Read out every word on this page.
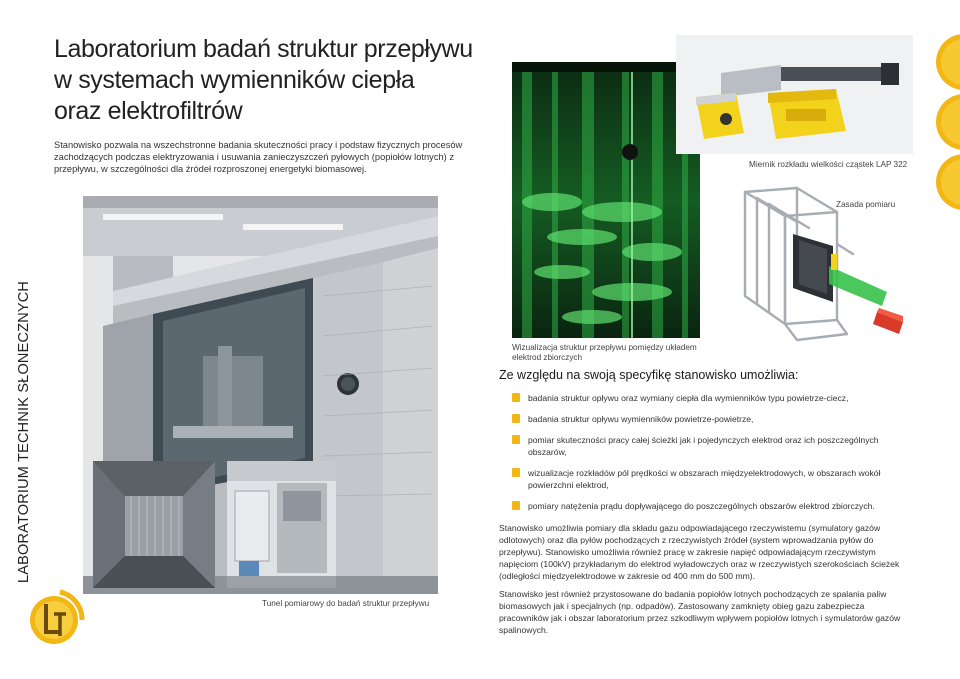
LABORATORIUM TECHNIK SŁONECZNYCH
Laboratorium badań struktur przepływu
w systemach wymienników ciepła
oraz elektrofiltrów

Stanowisko pozwala na wszechstronne badania skuteczności pracy i podstaw fizycznych procesów zachodzących podczas elektryzowania i usuwania zanieczyszczeń pyłowych (popiołów lotnych) z przepływu, w szczególności dla źródeł rozproszonej energetyki biomasowej.

Tunel pomiarowy do badań struktur przepływu

Wizualizacja struktur przepływu pomiędzy układem elektrod zbiorczych

Miernik rozkładu wielkości cząstek LAP 322

Zasada pomiaru

Ze względu na swoją specyfikę stanowisko umożliwia:
badania struktur opływu oraz wymiany ciepła dla wymienników typu powietrze-ciecz,
badania struktur opływu wymienników powietrze-powietrze,
pomiar skuteczności pracy całej ścieżki jak i pojedynczych elektrod oraz ich poszczególnych obszarów,
wizualizacje rozkładów pól prędkości w obszarach międzyelektrodowych, w obszarach wokół powierzchni elektrod,
pomiary natężenia prądu dopływającego do poszczególnych obszarów elektrod zbiorczych.

Stanowisko umożliwia pomiary dla składu gazu odpowiadającego rzeczywistemu (symulatory gazów odlotowych) oraz dla pyłów pochodzących z rzeczywistych źródeł (system wprowadzania pyłów do przepływu). Stanowisko umożliwia również pracę w zakresie napięć odpowiadającym rzeczywistym napięciom (100kV) przykładanym do elektrod wyładowczych oraz w rzeczywistych szerokościach ścieżek (odległości międzyelektrodowe w zakresie od 400 mm do 500 mm).

Stanowisko jest również przystosowane do badania popiołów lotnych pochodzących ze spalania paliw biomasowych jak i specjalnych (np. odpadów). Zastosowany zamknięty obieg gazu zabezpiecza pracowników jak i obszar laboratorium przez szkodliwym wpływem popiołów lotnych i symulatorów gazów spalinowych.
